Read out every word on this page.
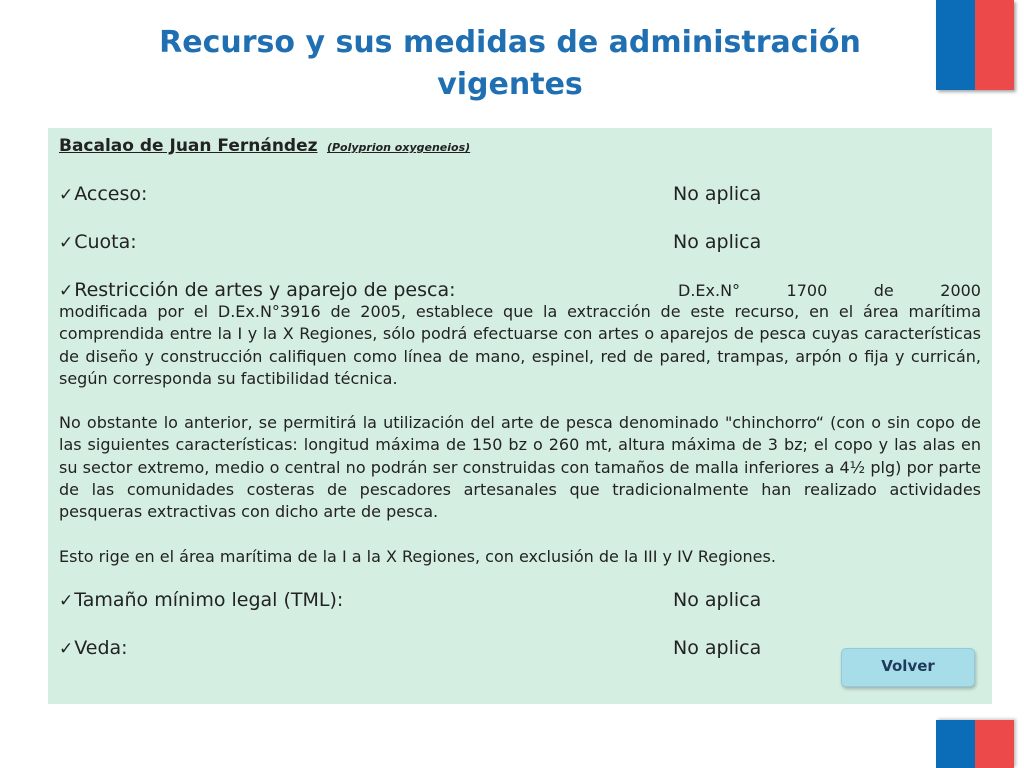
Recurso y sus medidas de administración
vigentes
Bacalao de Juan Fernández (Polyprion oxygeneios)
✓Acceso:	No aplica
✓Cuota:	No aplica
✓Restricción de artes y aparejo de pesca:	D.Ex.N°	1700	de	2000
modificada por el D.Ex.N°3916 de 2005, establece que la extracción de este recurso, en el área marítima comprendida entre la I y la X Regiones, sólo podrá efectuarse con artes o aparejos de pesca cuyas características de diseño y construcción califiquen como línea de mano, espinel, red de pared, trampas, arpón o fija y curricán, según corresponda su factibilidad técnica.
No obstante lo anterior, se permitirá la utilización del arte de pesca denominado "chinchorro“ (con o sin copo de las siguientes características: longitud máxima de 150 bz o 260 mt, altura máxima de 3 bz; el copo y las alas en su sector extremo, medio o central no podrán ser construidas con tamaños de malla inferiores a 4½ plg) por parte de las comunidades costeras de pescadores artesanales que tradicionalmente han realizado actividades pesqueras extractivas con dicho arte de pesca.
Esto rige en el área marítima de la I a la X Regiones, con exclusión de la III y IV Regiones.
✓Tamaño mínimo legal (TML):	No aplica
✓Veda:	No aplica
Volver
